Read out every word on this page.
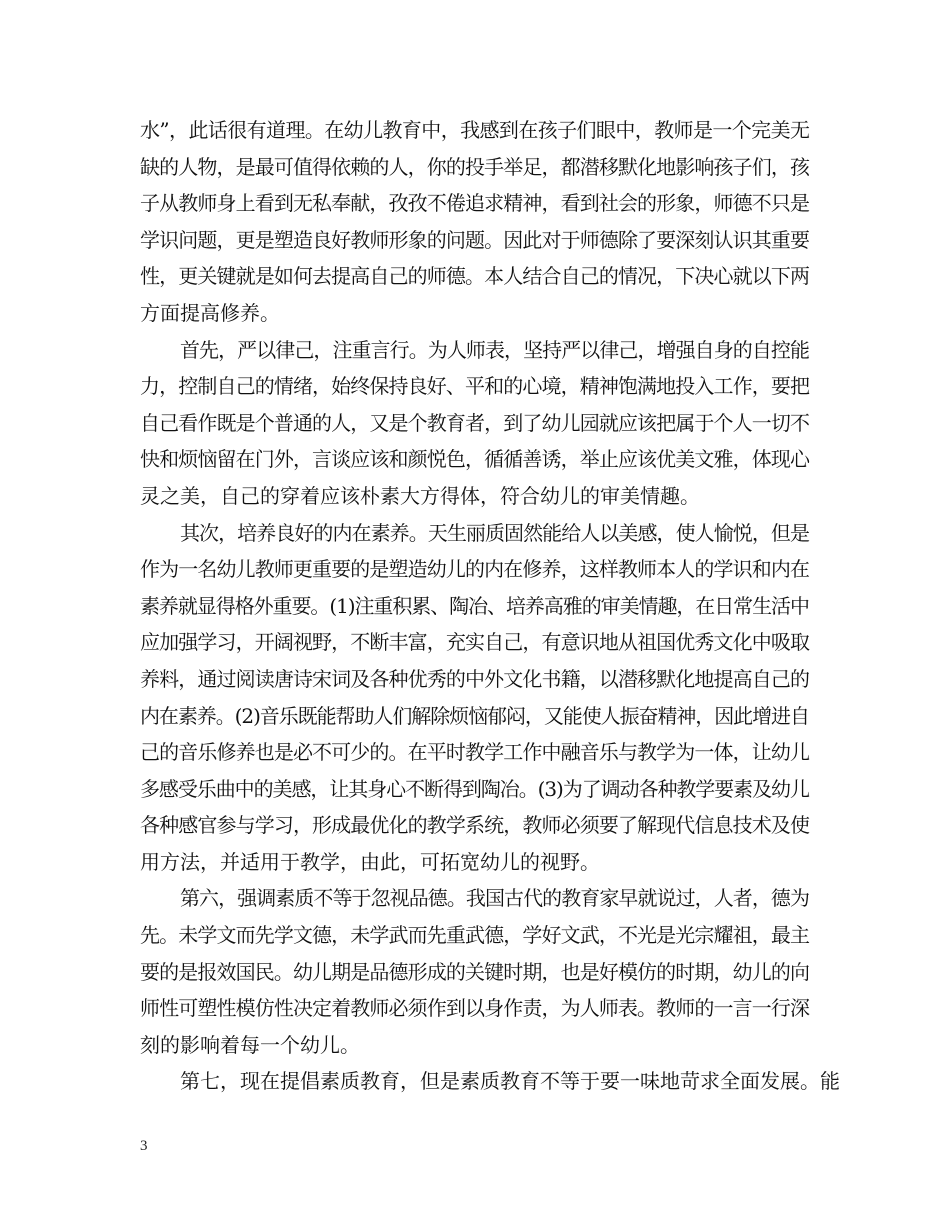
水”，此话很有道理。在幼儿教育中，我感到在孩子们眼中，教师是一个完美无
缺的人物，是最可值得依赖的人，你的投手举足，都潜移默化地影响孩子们，孩
子从教师身上看到无私奉献，孜孜不倦追求精神，看到社会的形象，师德不只是
学识问题，更是塑造良好教师形象的问题。因此对于师德除了要深刻认识其重要
性，更关键就是如何去提高自己的师德。本人结合自己的情况，下决心就以下两
方面提高修养。

首先，严以律己，注重言行。为人师表，坚持严以律己，增强自身的自控能
力，控制自己的情绪，始终保持良好、平和的心境，精神饱满地投入工作，要把
自己看作既是个普通的人，又是个教育者，到了幼儿园就应该把属于个人一切不
快和烦恼留在门外，言谈应该和颜悦色，循循善诱，举止应该优美文雅，体现心
灵之美，自己的穿着应该朴素大方得体，符合幼儿的审美情趣。

其次，培养良好的内在素养。天生丽质固然能给人以美感，使人愉悦，但是
作为一名幼儿教师更重要的是塑造幼儿的内在修养，这样教师本人的学识和内在
素养就显得格外重要。(1)注重积累、陶冶、培养高雅的审美情趣，在日常生活中
应加强学习，开阔视野，不断丰富，充实自己，有意识地从祖国优秀文化中吸取
养料，通过阅读唐诗宋词及各种优秀的中外文化书籍，以潜移默化地提高自己的
内在素养。(2)音乐既能帮助人们解除烦恼郁闷，又能使人振奋精神，因此增进自
己的音乐修养也是必不可少的。在平时教学工作中融音乐与教学为一体，让幼儿
多感受乐曲中的美感，让其身心不断得到陶冶。(3)为了调动各种教学要素及幼儿
各种感官参与学习，形成最优化的教学系统，教师必须要了解现代信息技术及使
用方法，并适用于教学，由此，可拓宽幼儿的视野。

第六，强调素质不等于忽视品德。我国古代的教育家早就说过，人者，德为
先。未学文而先学文德，未学武而先重武德，学好文武，不光是光宗耀祖，最主
要的是报效国民。幼儿期是品德形成的关键时期，也是好模仿的时期，幼儿的向
师性可塑性模仿性决定着教师必须作到以身作责，为人师表。教师的一言一行深
刻的影响着每一个幼儿。

第七，现在提倡素质教育，但是素质教育不等于要一味地苛求全面发展。能

3
